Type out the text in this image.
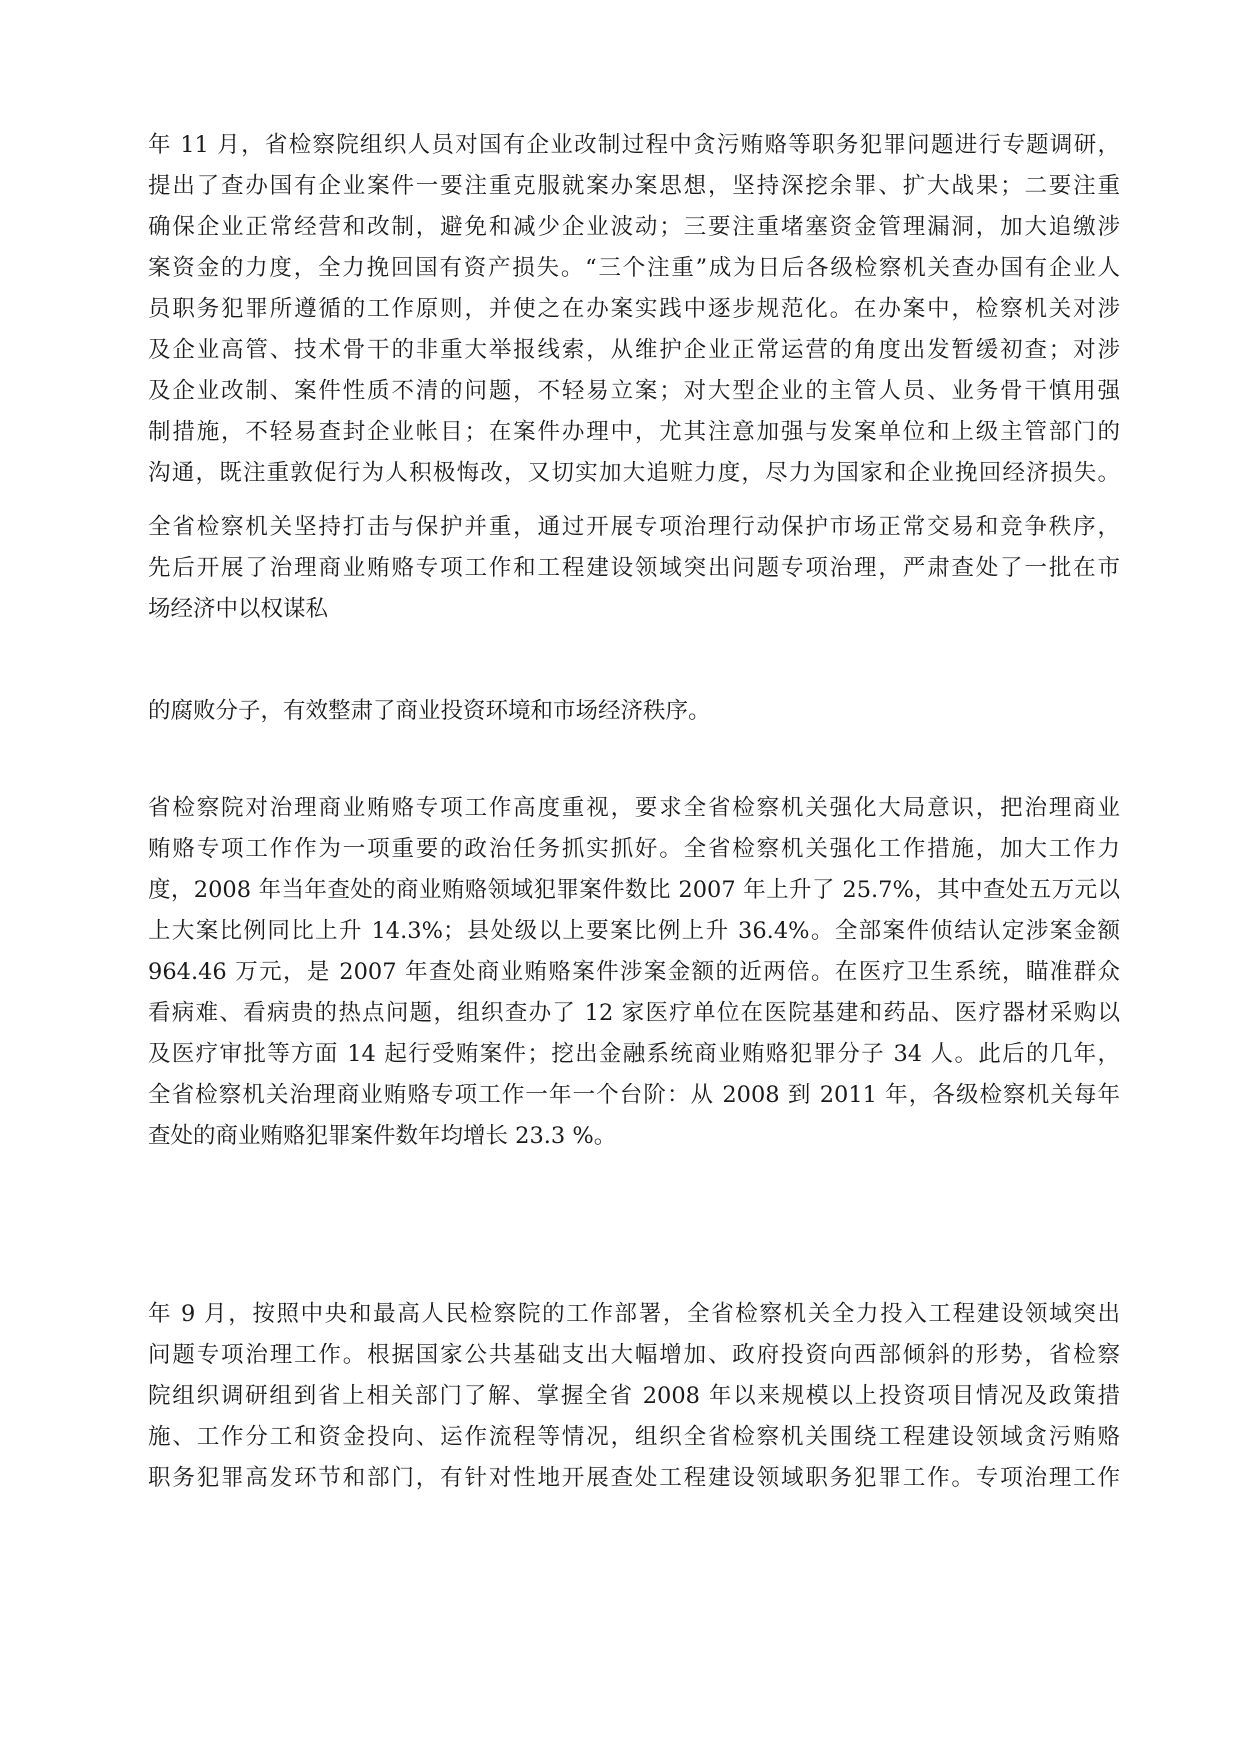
年 11 月，省检察院组织人员对国有企业改制过程中贪污贿赂等职务犯罪问题进行专题调研，
提出了查办国有企业案件一要注重克服就案办案思想，坚持深挖余罪、扩大战果；二要注重
确保企业正常经营和改制，避免和减少企业波动；三要注重堵塞资金管理漏洞，加大追缴涉
案资金的力度，全力挽回国有资产损失。“三个注重”成为日后各级检察机关查办国有企业人
员职务犯罪所遵循的工作原则，并使之在办案实践中逐步规范化。在办案中，检察机关对涉
及企业高管、技术骨干的非重大举报线索，从维护企业正常运营的角度出发暂缓初查；对涉
及企业改制、案件性质不清的问题，不轻易立案；对大型企业的主管人员、业务骨干慎用强
制措施，不轻易查封企业帐目；在案件办理中，尤其注意加强与发案单位和上级主管部门的
沟通，既注重敦促行为人积极悔改，又切实加大追赃力度，尽力为国家和企业挽回经济损失。
全省检察机关坚持打击与保护并重，通过开展专项治理行动保护市场正常交易和竞争秩序，
先后开展了治理商业贿赂专项工作和工程建设领域突出问题专项治理，严肃查处了一批在市
场经济中以权谋私
的腐败分子，有效整肃了商业投资环境和市场经济秩序。
省检察院对治理商业贿赂专项工作高度重视，要求全省检察机关强化大局意识，把治理商业
贿赂专项工作作为一项重要的政治任务抓实抓好。全省检察机关强化工作措施，加大工作力
度，2008 年当年查处的商业贿赂领域犯罪案件数比 2007 年上升了 25.7%，其中查处五万元以
上大案比例同比上升 14.3%；县处级以上要案比例上升 36.4%。全部案件侦结认定涉案金额
964.46 万元，是 2007 年查处商业贿赂案件涉案金额的近两倍。在医疗卫生系统，瞄准群众
看病难、看病贵的热点问题，组织查办了 12 家医疗单位在医院基建和药品、医疗器材采购以
及医疗审批等方面 14 起行受贿案件；挖出金融系统商业贿赂犯罪分子 34 人。此后的几年，
全省检察机关治理商业贿赂专项工作一年一个台阶：从 2008 到 2011 年，各级检察机关每年
查处的商业贿赂犯罪案件数年均增长 23.3 %。
年 9 月，按照中央和最高人民检察院的工作部署，全省检察机关全力投入工程建设领域突出
问题专项治理工作。根据国家公共基础支出大幅增加、政府投资向西部倾斜的形势，省检察
院组织调研组到省上相关部门了解、掌握全省 2008 年以来规模以上投资项目情况及政策措
施、工作分工和资金投向、运作流程等情况，组织全省检察机关围绕工程建设领域贪污贿赂
职务犯罪高发环节和部门，有针对性地开展查处工程建设领域职务犯罪工作。专项治理工作
